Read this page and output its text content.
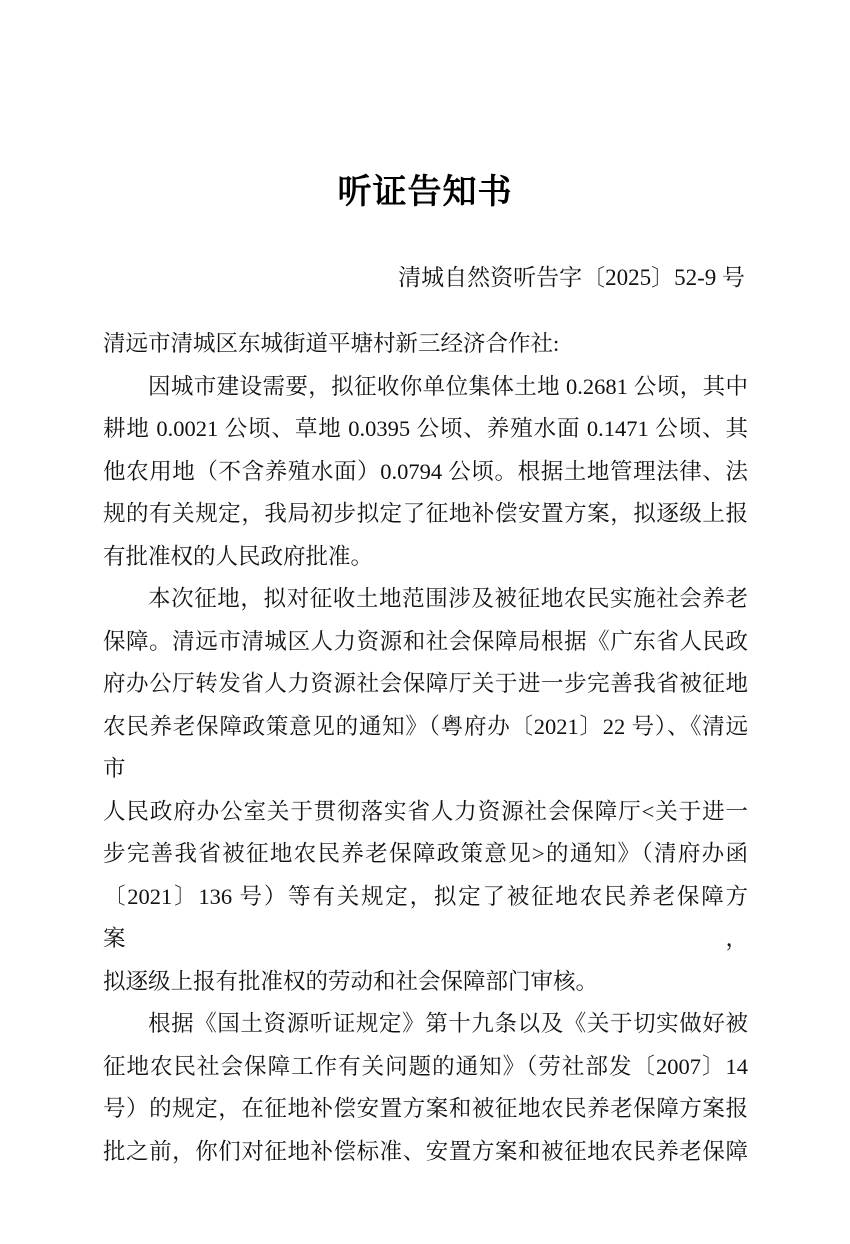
听证告知书
清城自然资听告字〔2025〕52-9 号
清远市清城区东城街道平塘村新三经济合作社:
因城市建设需要，拟征收你单位集体土地 0.2681 公顷，其中
耕地 0.0021 公顷、草地 0.0395 公顷、养殖水面 0.1471 公顷、其
他农用地（不含养殖水面）0.0794 公顷。根据土地管理法律、法
规的有关规定，我局初步拟定了征地补偿安置方案，拟逐级上报
有批准权的人民政府批准。
本次征地，拟对征收土地范围涉及被征地农民实施社会养老
保障。清远市清城区人力资源和社会保障局根据《广东省人民政
府办公厅转发省人力资源社会保障厅关于进一步完善我省被征地
农民养老保障政策意见的通知》（粤府办〔2021〕22 号）、《清远市
人民政府办公室关于贯彻落实省人力资源社会保障厅<关于进一
步完善我省被征地农民养老保障政策意见>的通知》（清府办函
〔2021〕136 号）等有关规定，拟定了被征地农民养老保障方案，
拟逐级上报有批准权的劳动和社会保障部门审核。
根据《国土资源听证规定》第十九条以及《关于切实做好被
征地农民社会保障工作有关问题的通知》（劳社部发〔2007〕14
号）的规定，在征地补偿安置方案和被征地农民养老保障方案报
批之前，你们对征地补偿标准、安置方案和被征地农民养老保障
